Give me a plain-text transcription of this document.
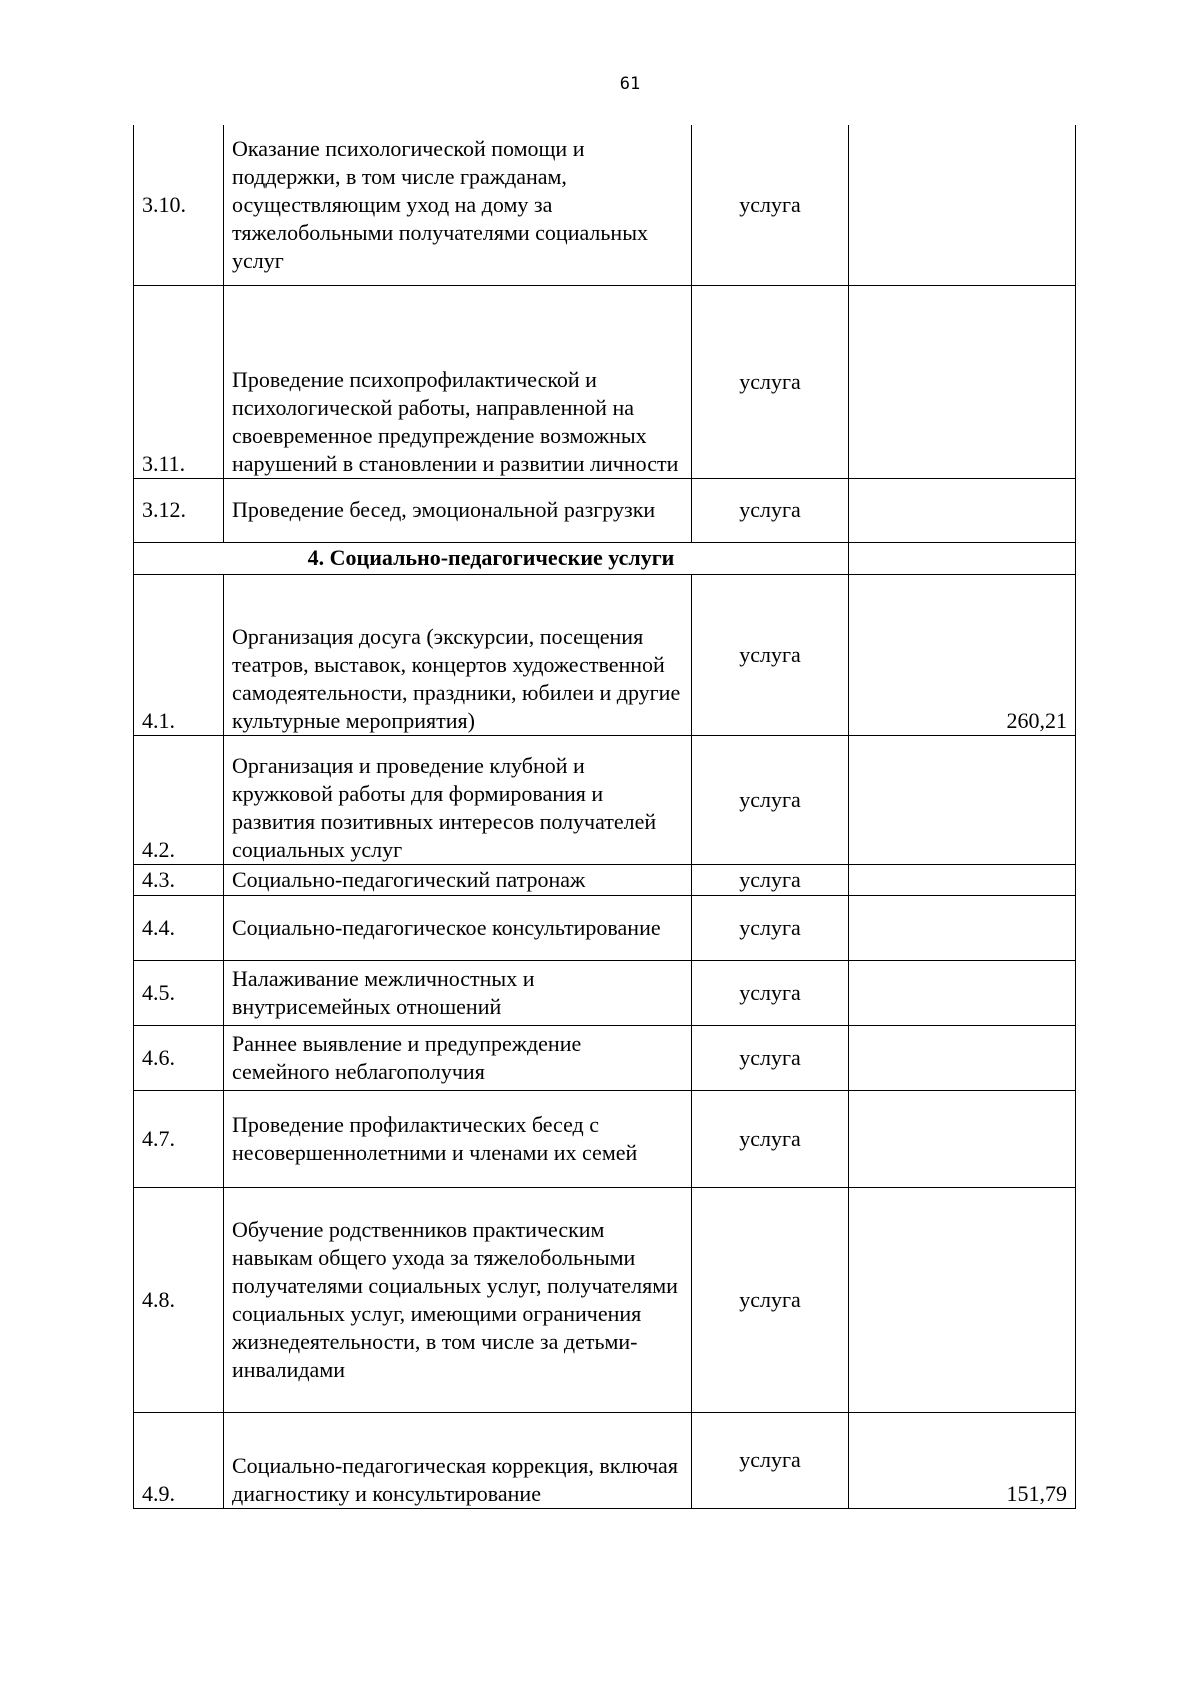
61
3.10.	Оказание психологической помощи и поддержки, в том числе гражданам, осуществляющим уход на дому за тяжелобольными получателями социальных услуг	услуга	
3.11.	Проведение психопрофилактической и психологической работы, направленной на своевременное предупреждение возможных нарушений в становлении и развитии личности	услуга	
3.12.	Проведение бесед, эмоциональной разгрузки	услуга	
4. Социально-педагогические услуги			
4.1.	Организация досуга (экскурсии, посещения театров, выставок, концертов художественной самодеятельности, праздники, юбилеи и другие культурные мероприятия)	услуга	260,21
4.2.	Организация и проведение клубной и кружковой работы для формирования и развития позитивных интересов получателей социальных услуг	услуга	
4.3.	Социально-педагогический патронаж	услуга	
4.4.	Социально-педагогическое консультирование	услуга	
4.5.	Налаживание межличностных и внутрисемейных отношений	услуга	
4.6.	Раннее выявление и предупреждение семейного неблагополучия	услуга	
4.7.	Проведение профилактических бесед с несовершеннолетними и членами их семей	услуга	
4.8.	Обучение родственников практическим навыкам общего ухода за тяжелобольными получателями социальных услуг, получателями социальных услуг, имеющими ограничения жизнедеятельности, в том числе за детьми-инвалидами	услуга	
4.9.	Социально-педагогическая коррекция, включая диагностику и консультирование	услуга	151,79
